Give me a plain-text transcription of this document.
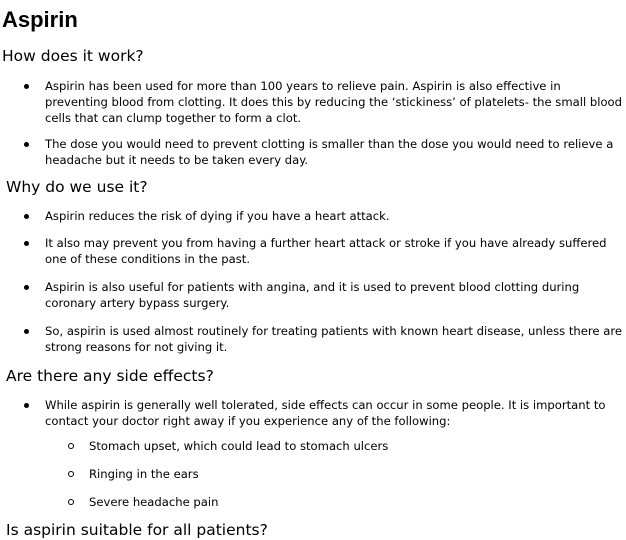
Aspirin
How does it work?

Aspirin has been used for more than 100 years to relieve pain. Aspirin is also effective in preventing blood from clotting. It does this by reducing the ‘stickiness’ of platelets- the small blood cells that can clump together to form a clot.

The dose you would need to prevent clotting is smaller than the dose you would need to relieve a headache but it needs to be taken every day.

Why do we use it?

Aspirin reduces the risk of dying if you have a heart attack.

It also may prevent you from having a further heart attack or stroke if you have already suffered one of these conditions in the past.

Aspirin is also useful for patients with angina, and it is used to prevent blood clotting during coronary artery bypass surgery.

So, aspirin is used almost routinely for treating patients with known heart disease, unless there are strong reasons for not giving it.

Are there any side effects?

While aspirin is generally well tolerated, side effects can occur in some people. It is important to contact your doctor right away if you experience any of the following:

Stomach upset, which could lead to stomach ulcers

Ringing in the ears

Severe headache pain

Is aspirin suitable for all patients?
